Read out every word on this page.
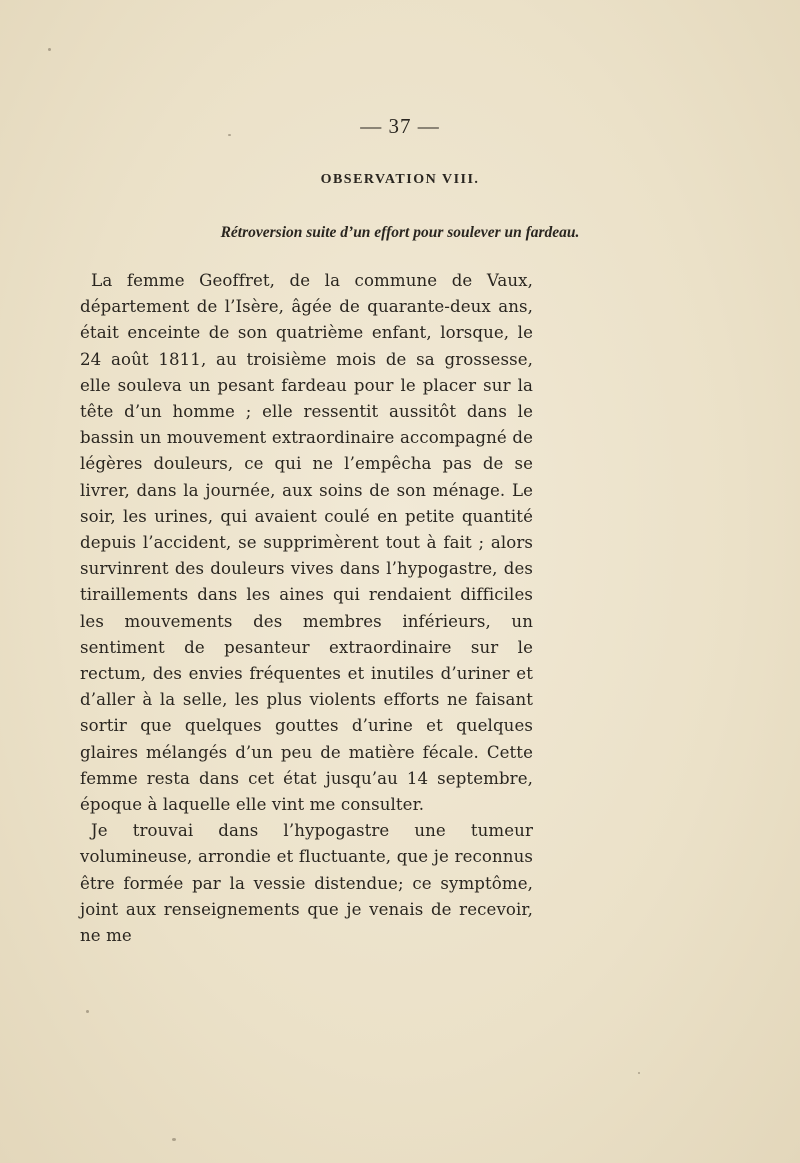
— 37 —
OBSERVATION VIII.
Rétroversion suite d’un effort pour soulever un fardeau.

La femme Geoffret, de la commune de Vaux, département de l’Isère, âgée de quarante-deux ans, était enceinte de son quatrième enfant, lorsque, le 24 août 1811, au troisième mois de sa grossesse, elle souleva un pesant fardeau pour le placer sur la tête d’un homme ; elle ressentit aussitôt dans le bassin un mouvement extraordinaire accompagné de légères douleurs, ce qui ne l’empêcha pas de se livrer, dans la journée, aux soins de son ménage. Le soir, les urines, qui avaient coulé en petite quantité depuis l’accident, se supprimèrent tout à fait ; alors survinrent des douleurs vives dans l’hypogastre, des tiraillements dans les aines qui rendaient difficiles les mouvements des membres inférieurs, un sentiment de pesanteur extraordinaire sur le rectum, des envies fréquentes et inutiles d’uriner et d’aller à la selle, les plus violents efforts ne faisant sortir que quelques gouttes d’urine et quelques glaires mélangés d’un peu de matière fécale. Cette femme resta dans cet état jusqu’au 14 septembre, époque à laquelle elle vint me consulter.

Je trouvai dans l’hypogastre une tumeur volumineuse, arrondie et fluctuante, que je reconnus être formée par la vessie distendue; ce symptôme, joint aux renseignements que je venais de recevoir, ne me
